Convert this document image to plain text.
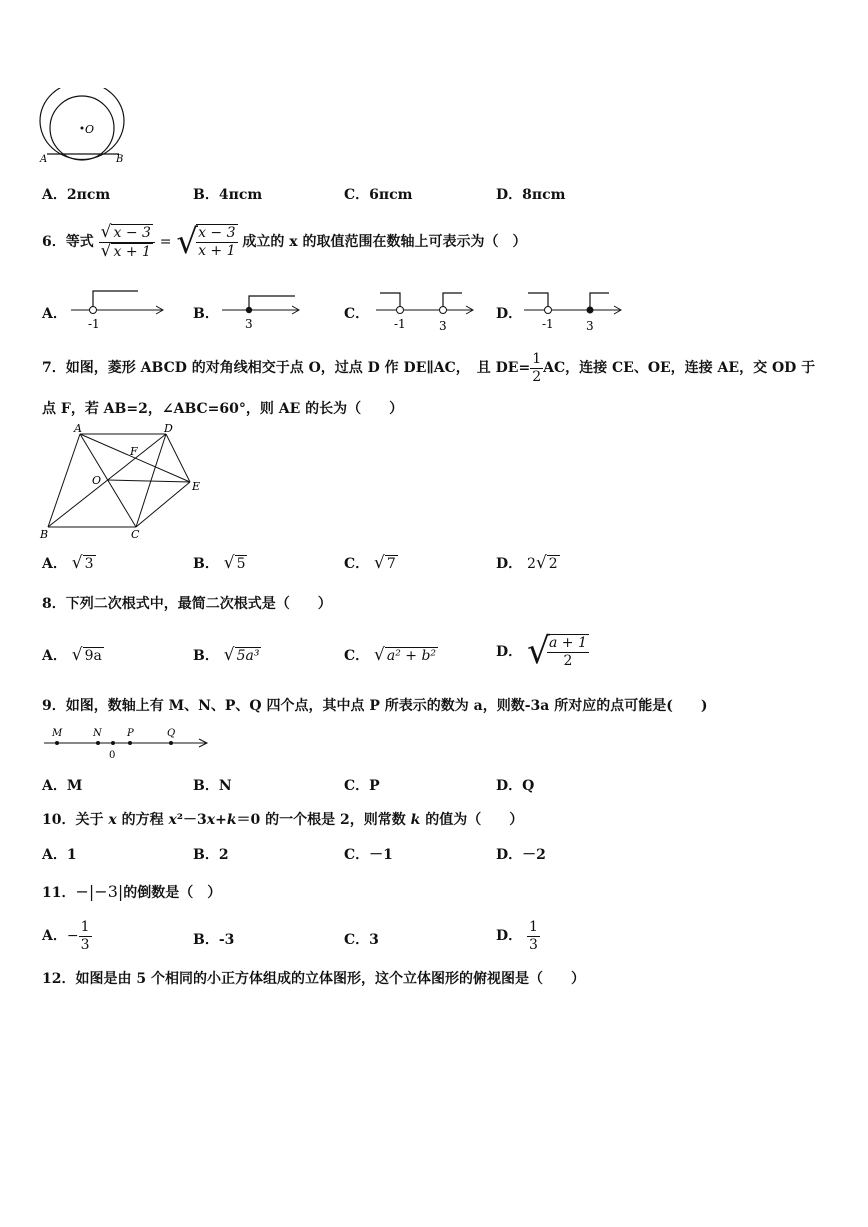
O
A	B
A．2πcm	B．4πcm	C．6πcm	D．8πcm
6．等式 $\frac{√ x - 3}{√ x + 1}$ = √
$\frac{x - 3}{x + 1}$ 成立的 x 的取值范围在数轴上可表示为（　）
A．
-1
B．
3
C．
-1	3
D．
-1	3
7．如图，菱形 ABCD 的对角线相交于点 O，过点 D 作 DE∥AC，　且 $DE= \frac{1}{2}$ AC，连接 CE、OE，连接 AE，交 OD 于
点 F，若 AB=2，∠ABC=60°，则 AE 的长为（　　）
A	D
F
O	E
B	C
A． √ 3	B． √ 5	C． √ 7	D． 2√ 2
8．下列二次根式中，最简二次根式是（　　）
A． √ 9a	B． √ 5a³	C． √ a² + b²	D． √
$\frac{a + 1}{2}$
9．如图，数轴上有 M、N、P、Q 四个点，其中点 P 所表示的数为 a，则数-3a 所对应的点可能是(　　)
M	N	P	Q
0
A．M	B．N	C．P	D．Q
10．关于 x 的方程 x²－3x+k＝0 的一个根是 2，则常数 k 的值为（　　）
A．1	B．2	C．－1	D．－2
11．−|−3|的倒数是（　）
A．− $\frac{1}{3}$	B．-3	C．3	D． $\frac{1}{3}$
12．如图是由 5 个相同的小正方体组成的立体图形，这个立体图形的俯视图是（　　）
